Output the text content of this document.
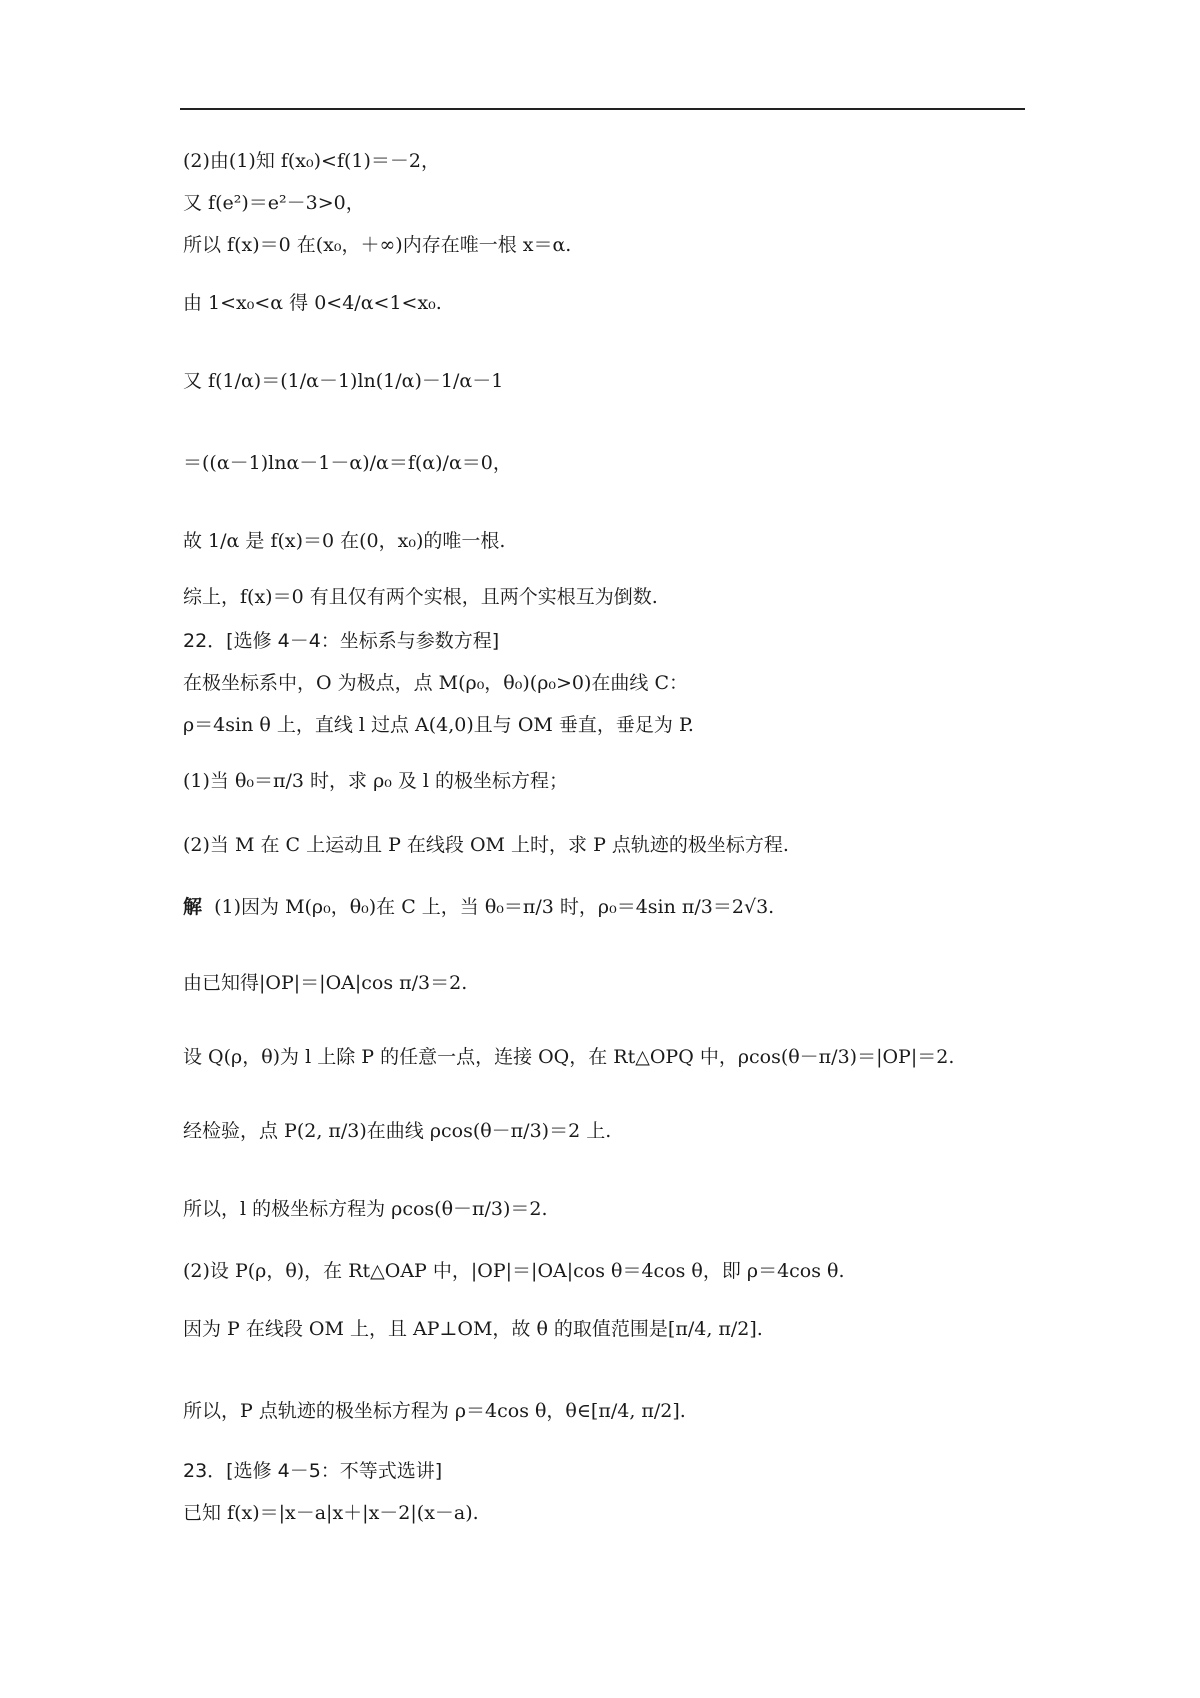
(2)由(1)知 f(x₀)<f(1)＝－2，
又 f(e²)＝e²－3>0，
所以 f(x)＝0 在(x₀，＋∞)内存在唯一根 x＝α.
由 1<x₀<α 得 0<4/α<1<x₀.
又 f(1/α)＝(1/α－1)ln(1/α)－1/α－1
＝((α－1)lnα－1－α)/α＝f(α)/α＝0，
故 1/α 是 f(x)＝0 在(0，x₀)的唯一根.
综上，f(x)＝0 有且仅有两个实根，且两个实根互为倒数.
22．[选修 4－4：坐标系与参数方程]
在极坐标系中，O 为极点，点 M(ρ₀，θ₀)(ρ₀>0)在曲线 C：
ρ＝4sin θ 上，直线 l 过点 A(4,0)且与 OM 垂直，垂足为 P.
(1)当 θ₀＝π/3 时，求 ρ₀ 及 l 的极坐标方程；
(2)当 M 在 C 上运动且 P 在线段 OM 上时，求 P 点轨迹的极坐标方程.
解 (1)因为 M(ρ₀，θ₀)在 C 上，当 θ₀＝π/3 时，ρ₀＝4sin π/3＝2√3.
由已知得|OP|＝|OA|cos π/3＝2.
设 Q(ρ，θ)为 l 上除 P 的任意一点，连接 OQ，在 Rt△OPQ 中，ρcos(θ－π/3)＝|OP|＝2.
经检验，点 P(2, π/3)在曲线 ρcos(θ－π/3)＝2 上.
所以，l 的极坐标方程为 ρcos(θ－π/3)＝2.
(2)设 P(ρ，θ)，在 Rt△OAP 中，|OP|＝|OA|cos θ＝4cos θ，即 ρ＝4cos θ.
因为 P 在线段 OM 上，且 AP⊥OM，故 θ 的取值范围是[π/4, π/2].
所以，P 点轨迹的极坐标方程为 ρ＝4cos θ，θ∈[π/4, π/2].
23．[选修 4－5：不等式选讲]
已知 f(x)＝|x－a|x＋|x－2|(x－a).
